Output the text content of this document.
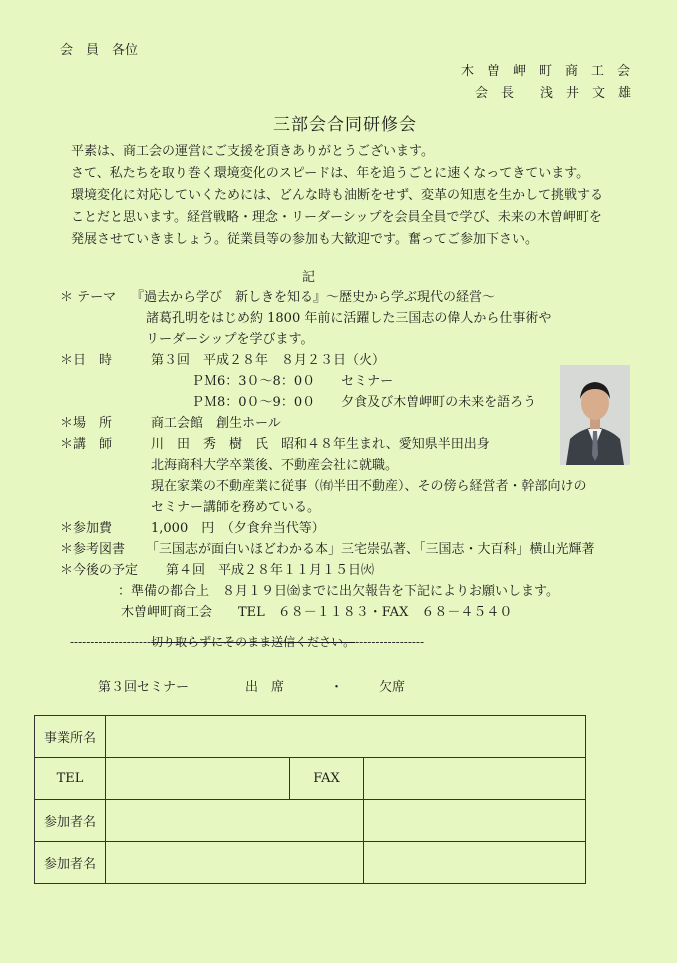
会　員　各位
木　曽　岬　町　商　工　会
会　長　　浅　井　文　雄
三部会合同研修会
平素は、商工会の運営にご支援を頂きありがとうございます。
さて、私たちを取り巻く環境変化のスピードは、年を追うごとに速くなってきています。
環境変化に対応していくためには、どんな時も油断をせず、変革の知恵を生かして挑戦する
ことだと思います。経営戦略・理念・リーダーシップを会員全員で学び、未来の木曽岬町を
発展させていきましょう。従業員等の参加も大歓迎です。奮ってご参加下さい。
記
＊ テーマ 『過去から学び　新しきを知る』～歴史から学ぶ現代の経営～
諸葛孔明をはじめ約 1800 年前に活躍した三国志の偉人から仕事術や
リーダーシップを学びます。
＊日　時	第３回　平成２８年　８月２３日（火）
ＰＭ6：3０～8：0０　　セミナー
ＰＭ8：0０～9：0０　　夕食及び木曽岬町の未来を語ろう
＊場　所	商工会館　創生ホール
＊講　師	川　田　秀　樹　氏　昭和４８年生まれ、愛知県半田出身
北海商科大学卒業後、不動産会社に就職。
現在家業の不動産業に従事（㈲半田不動産）、その傍ら経営者・幹部向けの
セミナー講師を務めている。
＊参加費	1,000　円　（夕食弁当代等）
＊参考図書 「三国志が面白いほどわかる本」三宅崇弘著、「三国志・大百科」横山光輝著
＊今後の予定 第４回　平成２８年１１月１５日㈫
：準備の都合上　８月１９日㈮までに出欠報告を下記によりお願いします。
木曽岬町商工会　　TEL　６８－１１８３・FAX　６８－４５４０
--------------------切り取らずにそのまま送信ください。-----------------
第３回セミナー	出　席	・	欠席
事業所名			
TEL		FAX	
参加者名			
参加者名			
